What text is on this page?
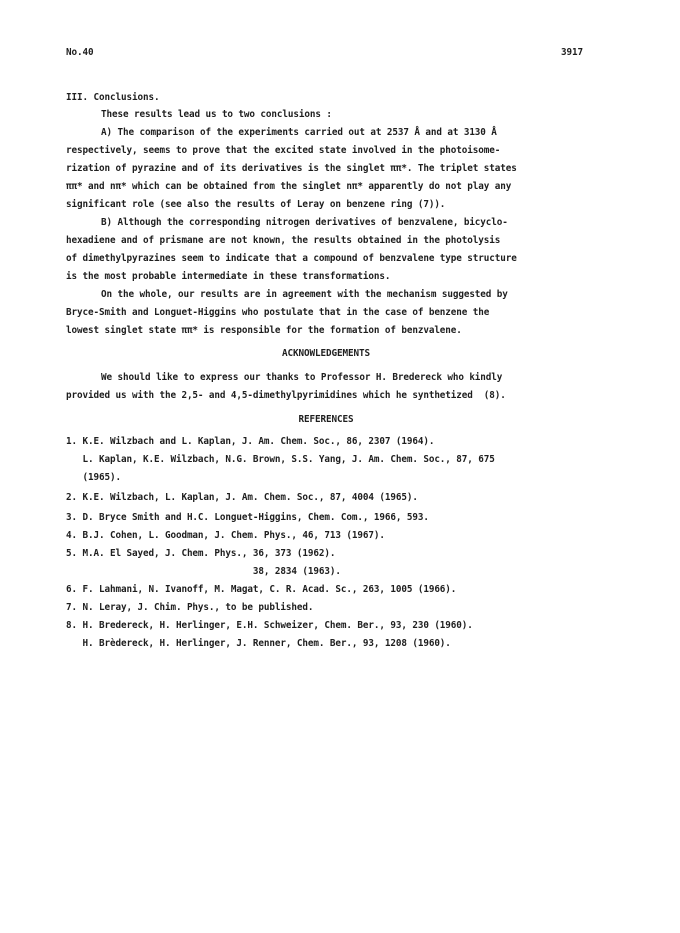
No.40	3917
III. Conclusions.
These results lead us to two conclusions :
A) The comparison of the experiments carried out at 2537 Å and at 3130 Å
respectively, seems to prove that the excited state involved in the photoisome-
rization of pyrazine and of its derivatives is the singlet ππ*. The triplet states
ππ* and nπ* which can be obtained from the singlet nπ* apparently do not play any
significant role (see also the results of Leray on benzene ring (7)).
B) Although the corresponding nitrogen derivatives of benzvalene, bicyclo-
hexadiene and of prismane are not known, the results obtained in the photolysis
of dimethylpyrazines seem to indicate that a compound of benzvalene type structure
is the most probable intermediate in these transformations.
On the whole, our results are in agreement with the mechanism suggested by
Bryce-Smith and Longuet-Higgins who postulate that in the case of benzene the
lowest singlet state ππ* is responsible for the formation of benzvalene.
ACKNOWLEDGEMENTS
We should like to express our thanks to Professor H. Bredereck who kindly
provided us with the 2,5- and 4,5-dimethylpyrimidines which he synthetized  (8).
REFERENCES
1. K.E. Wilzbach and L. Kaplan, J. Am. Chem. Soc., 86, 2307 (1964).
L. Kaplan, K.E. Wilzbach, N.G. Brown, S.S. Yang, J. Am. Chem. Soc., 87, 675
(1965).
2. K.E. Wilzbach, L. Kaplan, J. Am. Chem. Soc., 87, 4004 (1965).
3. D. Bryce Smith and H.C. Longuet-Higgins, Chem. Com., 1966, 593.
4. B.J. Cohen, L. Goodman, J. Chem. Phys., 46, 713 (1967).
5. M.A. El Sayed, J. Chem. Phys., 36, 373 (1962).
38, 2834 (1963).
6. F. Lahmani, N. Ivanoff, M. Magat, C. R. Acad. Sc., 263, 1005 (1966).
7. N. Leray, J. Chim. Phys., to be published.
8. H. Bredereck, H. Herlinger, E.H. Schweizer, Chem. Ber., 93, 230 (1960).
H. Brèdereck, H. Herlinger, J. Renner, Chem. Ber., 93, 1208 (1960).
